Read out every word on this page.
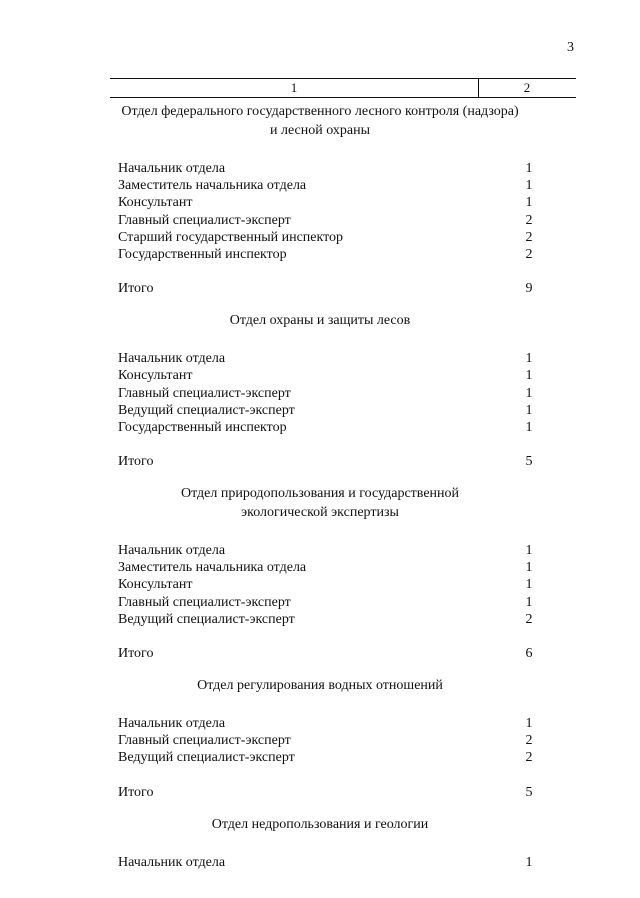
3
1	2
Отдел федерального государственного лесного контроля (надзора)
и лесной охраны
Начальник отдела	1
Заместитель начальника отдела	1
Консультант	1
Главный специалист-эксперт	2
Старший государственный инспектор	2
Государственный инспектор	2
Итого	9
Отдел охраны и защиты лесов
Начальник отдела	1
Консультант	1
Главный специалист-эксперт	1
Ведущий специалист-эксперт	1
Государственный инспектор	1
Итого	5
Отдел природопользования и государственной
экологической экспертизы
Начальник отдела	1
Заместитель начальника отдела	1
Консультант	1
Главный специалист-эксперт	1
Ведущий специалист-эксперт	2
Итого	6
Отдел регулирования водных отношений
Начальник отдела	1
Главный специалист-эксперт	2
Ведущий специалист-эксперт	2
Итого	5
Отдел недропользования и геологии
Начальник отдела	1
